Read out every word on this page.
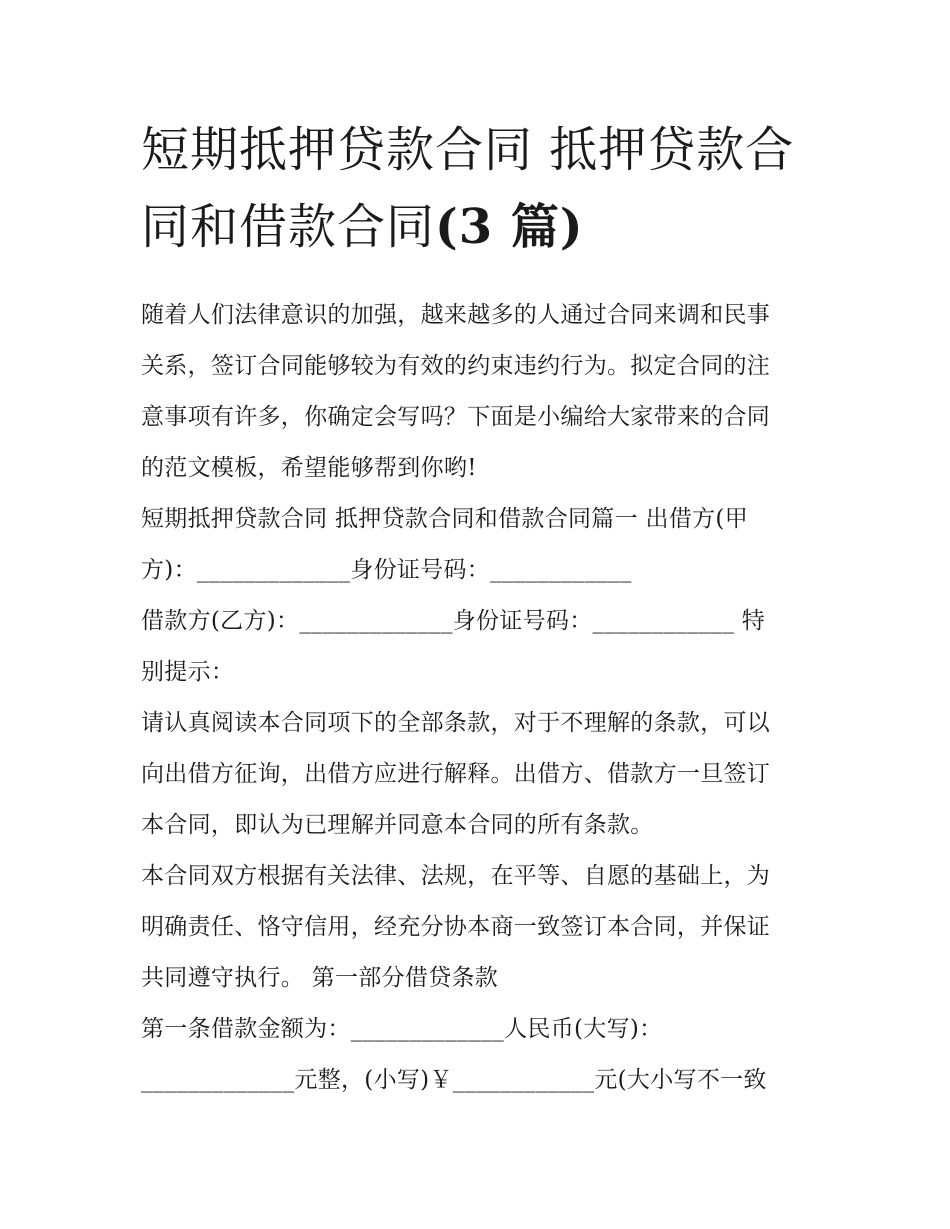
短期抵押贷款合同 抵押贷款合
同和借款合同(3 篇)

随着人们法律意识的加强，越来越多的人通过合同来调和民事
关系，签订合同能够较为有效的约束违约行为。拟定合同的注
意事项有许多，你确定会写吗？下面是小编给大家带来的合同
的范文模板，希望能够帮到你哟!

短期抵押贷款合同 抵押贷款合同和借款合同篇一 出借方(甲
方)：_____________身份证号码：____________

借款方(乙方)：_____________身份证号码：____________ 特
别提示：

请认真阅读本合同项下的全部条款，对于不理解的条款，可以
向出借方征询，出借方应进行解释。出借方、借款方一旦签订
本合同，即认为已理解并同意本合同的所有条款。

本合同双方根据有关法律、法规，在平等、自愿的基础上，为
明确责任、恪守信用，经充分协本商一致签订本合同，并保证
共同遵守执行。 第一部分借贷条款

第一条借款金额为：_____________人民币(大写)：
_____________元整，(小写)￥____________元(大小写不一致
